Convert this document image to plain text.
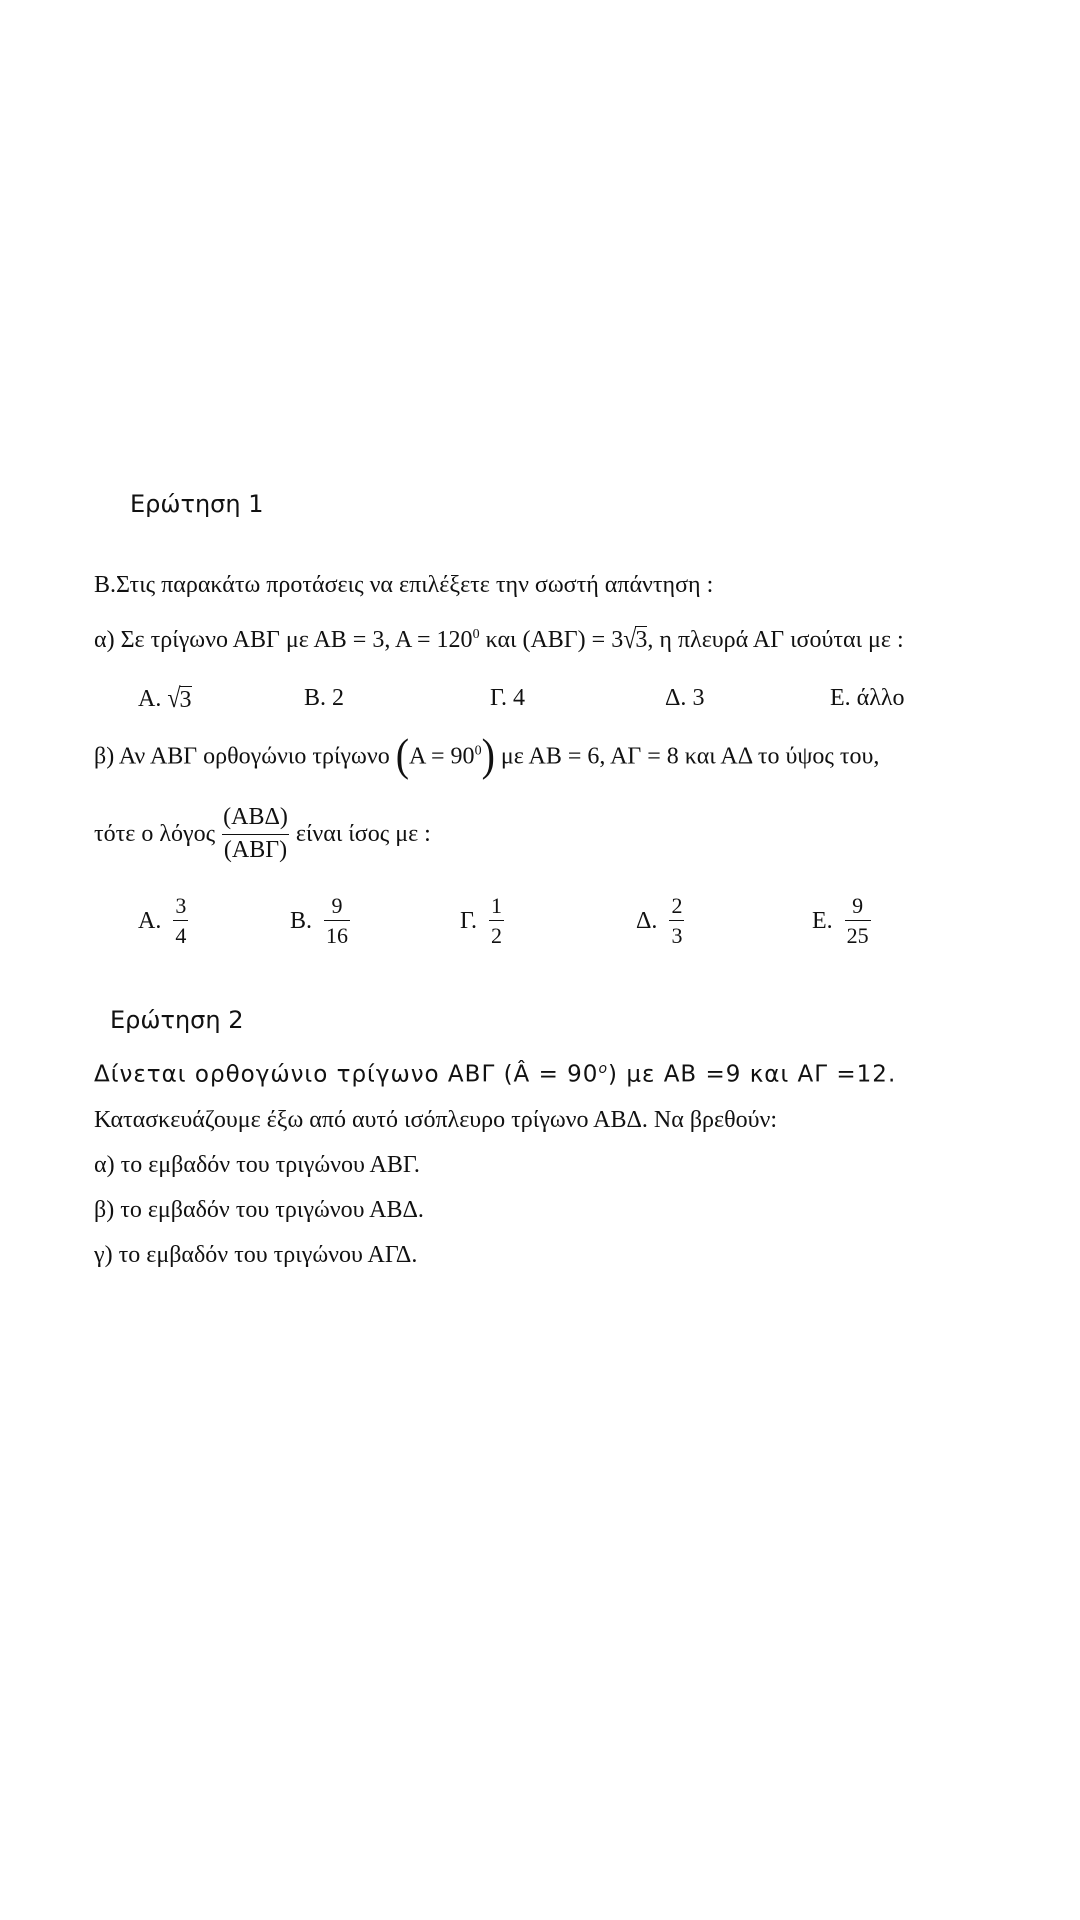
Ερώτηση 1
Β.Στις παρακάτω προτάσεις να επιλέξετε την σωστή απάντηση :
α) Σε τρίγωνο ΑΒΓ με ΑΒ = 3, $A = 120^0$ και (ΑΒΓ) = 3√3, η πλευρά ΑΓ ισούται με :
Α. √ 3	Β. 2	Γ. 4	Δ. 3	Ε. άλλο
β) Αν ΑΒΓ ορθογώνιο τρίγωνο $(A = 90^0)$ με ΑΒ = 6, ΑΓ = 8 και ΑΔ το ύψος του,
τότε ο λόγος $\frac{\text{(ΑΒΔ)}}{\text{(ΑΒΓ)}}$ είναι ίσος με :
Α. $\frac{3}{4}$	Β. $\frac{9}{16}$	Γ. $\frac{1}{2}$	Δ. $\frac{2}{3}$	Ε. $\frac{9}{25}$
Ερώτηση 2
Δίνεται ορθογώνιο τρίγωνο ΑΒΓ (Â = $90^o$) με ΑΒ =9 και ΑΓ =12.
Κατασκευάζουμε έξω από αυτό ισόπλευρο τρίγωνο ΑΒΔ. Να βρεθούν:
α) το εμβαδόν του τριγώνου ΑΒΓ.
β) το εμβαδόν του τριγώνου ΑΒΔ.
γ) το εμβαδόν του τριγώνου ΑΓΔ.
